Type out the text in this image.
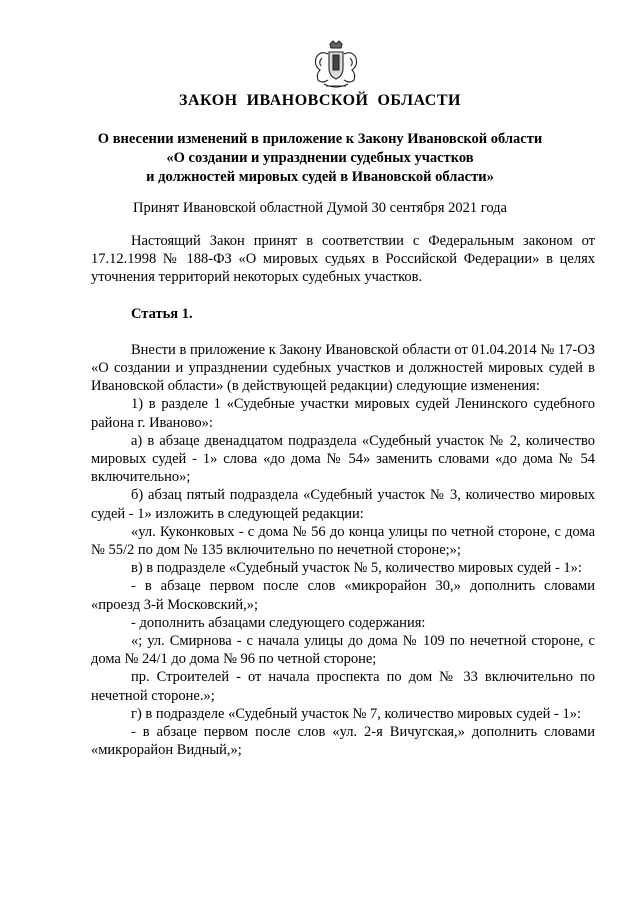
ЗАКОН  ИВАНОВСКОЙ  ОБЛАСТИ
О внесении изменений в приложение к Закону Ивановской области
«О создании и упразднении судебных участков
и должностей мировых судей в Ивановской области»
Принят Ивановской областной Думой 30 сентября 2021 года

Настоящий Закон принят в соответствии с Федеральным законом от 17.12.1998 № 188-ФЗ «О мировых судьях в Российской Федерации» в целях уточнения территорий некоторых судебных участков.

Статья 1.

Внести в приложение к Закону Ивановской области от 01.04.2014 № 17-ОЗ «О создании и упразднении судебных участков и должностей мировых судей в Ивановской области» (в действующей редакции) следующие изменения:

1) в разделе 1 «Судебные участки мировых судей Ленинского судебного района г. Иваново»:

а) в абзаце двенадцатом подраздела «Судебный участок № 2, количество мировых судей - 1» слова «до дома № 54» заменить словами «до дома № 54 включительно»;

б) абзац пятый подраздела «Судебный участок № 3, количество мировых судей - 1» изложить в следующей редакции:

«ул. Куконковых - с дома № 56 до конца улицы по четной стороне, с дома № 55/2 по дом № 135 включительно по нечетной стороне;»;

в) в подразделе «Судебный участок № 5, количество мировых судей - 1»:

- в абзаце первом после слов «микрорайон 30,» дополнить словами «проезд 3-й Московский,»;

- дополнить абзацами следующего содержания:

«; ул. Смирнова - с начала улицы до дома № 109 по нечетной стороне, с дома № 24/1 до дома № 96 по четной стороне;

пр. Строителей - от начала проспекта по дом № 33 включительно по нечетной стороне.»;

г) в подразделе «Судебный участок № 7, количество мировых судей - 1»:

- в абзаце первом после слов «ул. 2-я Вичугская,» дополнить словами «микрорайон Видный,»;
